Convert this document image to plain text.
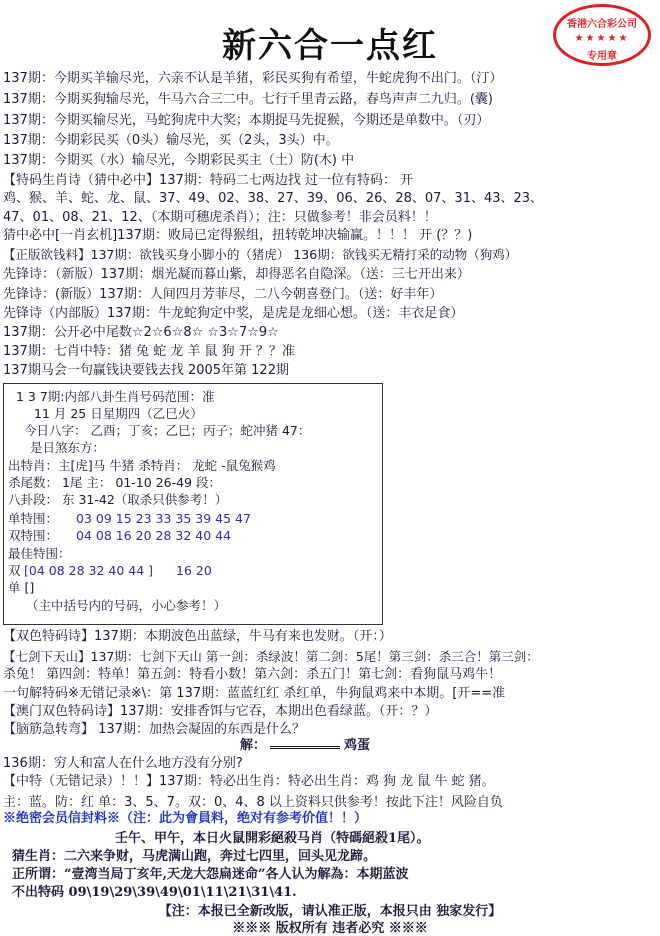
新六合一点红
香港六合彩公司
★★★★★
专用章
137期：今期买羊输尽光，六亲不认是羊猪，彩民买狗有希望，牛蛇虎狗不出门。（汀）
137期：今期买狗输尽光，牛马六合三二中。七行千里青云路，春鸟声声二九归。(囊)
137期：今期买输尽光，马蛇狗虎中大奖；本期捉马先捉猴，今期还是单数中。（刃）
137期：今期彩民买（0头）输尽光，买（2头，3头）中。
137期：今期买（水）输尽光，今期彩民买主（土）防(木) 中
【特码生肖诗（猜中必中】137期：特码二七两边找 过一位有特码： 开
鸡、猴、羊、蛇、龙、鼠、37、49、02、38、27、39、06、26、28、07、31、43、23、
47、01、08、21、12、（本期可穗虎杀肖）；注：只做参考！非会员料！！
猜中必中[一肖玄机]137期：败局已定得猴组，扭转乾坤决输赢。！！！ 开 (？？)
【正版欲钱料】137期：欲钱买身小脚小的（猪虎） 136期：欲钱买无精打采的动物（狗鸡）
先锋诗：（新版）137期：烟光凝而暮山紫，却得恶名自隐深。（送：三七开出来）
先锋诗：(新版）137期：人间四月芳菲尽，二八今朝喜登门。（送：好丰年）
先锋诗（内部版）137期：牛龙蛇狗定中奖，是虎是龙细心想。（送：丰衣足食）
137期：公开必中尾数☆2☆6☆8☆ ☆3☆7☆9☆
137期：七肖中特：猪 兔 蛇 龙 羊 鼠 狗 开 ？？准
137期马会一句赢钱诀要钱去找 2005年第 122期
1 3 7期:内部八卦生肖号码范围：准
11 月 25 日星期四（乙巳火）
今日八字： 乙酉；丁亥；乙巳；丙子；蛇冲猪 47：
是日煞东方：
出特肖：主[虎]马 牛猪 杀特肖： 龙蛇 -鼠兔猴鸡
杀尾数： 1尾 主： 01-10 26-49 段：
八卦段： 东 31-42（取杀只供参考！）
单特围： 03 09 15 23 33 35 39 45 47
双特围： 04 08 16 20 28 32 40 44
最佳特围：
双 [04 08 28 32 40 44 ] 16 20
单 []
（主中括号内的号码，小心参考！）
【双色特码诗】137期：本期波色出蓝绿，牛马有来也发财。（开：）
【七剑下天山】137期：七剑下天山 第一剑：杀绿波！第二剑：5尾！第三剑：杀三合！第三剑：
杀兔！ 第四剑：特单！第五剑：特看小数！第六剑：杀五门！第七剑：看狗鼠马鸡牛！
一句解特码※无错记录※\：第 137期：蓝蓝红红 杀红单，牛狗鼠鸡来中本期。[开==准
【澳门双色特码诗】137期：安排香饵与它吞，本期出色看绿蓝。（开：？）
【脑筋急转弯】 137期：加热会凝固的东西是什么？
解：	鸡蛋
136期：穷人和富人在什么地方没有分别?
【中特（无错记录）！！】137期：特必出生肖：特必出生肖：鸡 狗 龙 鼠 牛 蛇 猪。
主：蓝。防：红 单：3、5、7。双：0、4、8 以上资料只供参考！按此下注！风险自负
※绝密会员信封料※（注：此为會員料，绝对有参考价值！！）
壬午、甲午，本日火鼠開彩絕殺马肖（特碼絕殺1尾）。
猜生肖：二六来争财，马虎满山跑，奔过七四里，回头见龙蹄。
正所谓：“壹湾当局丁亥年,天龙大怨扁迷命”各人认为解為：本期蓝波
不出特码 09\19\29\39\49\01\11\21\31\41.
【注：本报已全新改版，请认准正版，本报只由 独家发行】
※※※ 版权所有 违者必究 ※※※
